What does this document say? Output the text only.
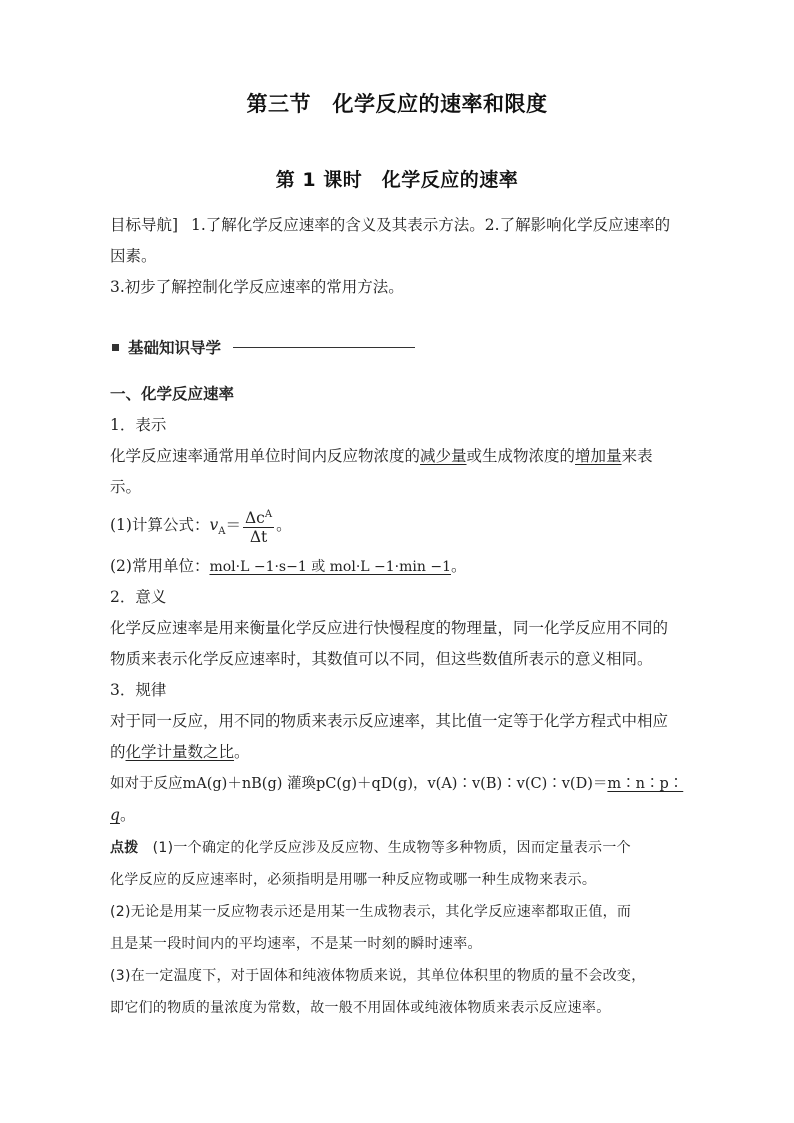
第三节　化学反应的速率和限度
第 1 课时　化学反应的速率
目标导航] 1.了解化学反应速率的含义及其表示方法。2.了解影响化学反应速率的
因素。
3.初步了解控制化学反应速率的常用方法。
基础知识导学
一、化学反应速率
1．表示
化学反应速率通常用单位时间内反应物浓度的减少量或生成物浓度的增加量来表
示。
(1)计算公式：$v_A= \frac{\Delta c^A}{\Delta t}$ 。
(2)常用单位：mol·L −1·s−1 或 mol·L −1·min −1。
2．意义
化学反应速率是用来衡量化学反应进行快慢程度的物理量，同一化学反应用不同的
物质来表示化学反应速率时，其数值可以不同，但这些数值所表示的意义相同。
3．规律
对于同一反应，用不同的物质来表示反应速率，其比值一定等于化学方程式中相应
的化学计量数之比。
如对于反应mA(g)＋nB(g) 灌瑍pC(g)＋qD(g)，v(A)∶v(B)∶v(C)∶v(D)＝m∶n∶p∶
q。
点拨 (1)一个确定的化学反应涉及反应物、生成物等多种物质，因而定量表示一个
化学反应的反应速率时，必须指明是用哪一种反应物或哪一种生成物来表示。
(2)无论是用某一反应物表示还是用某一生成物表示，其化学反应速率都取正值，而
且是某一段时间内的平均速率，不是某一时刻的瞬时速率。
(3)在一定温度下，对于固体和纯液体物质来说，其单位体积里的物质的量不会改变，
即它们的物质的量浓度为常数，故一般不用固体或纯液体物质来表示反应速率。
